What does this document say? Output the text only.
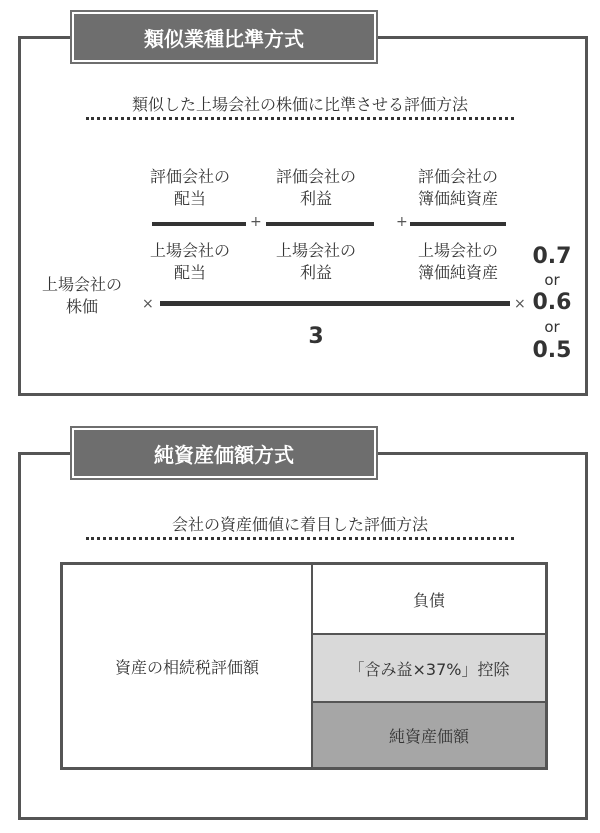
類似業種比準方式
類似した上場会社の株価に比準させる評価方法
評価会社の
配当
上場会社の
配当
+
評価会社の
利益
上場会社の
利益
+
評価会社の
簿価純資産
上場会社の
簿価純資産
上場会社の
株価	×
3
×
0.7
or
0.6
or
0.5
純資産価額方式
会社の資産価値に着目した評価方法
資産の相続税評価額
負債
「含み益×37%」控除
純資産価額
